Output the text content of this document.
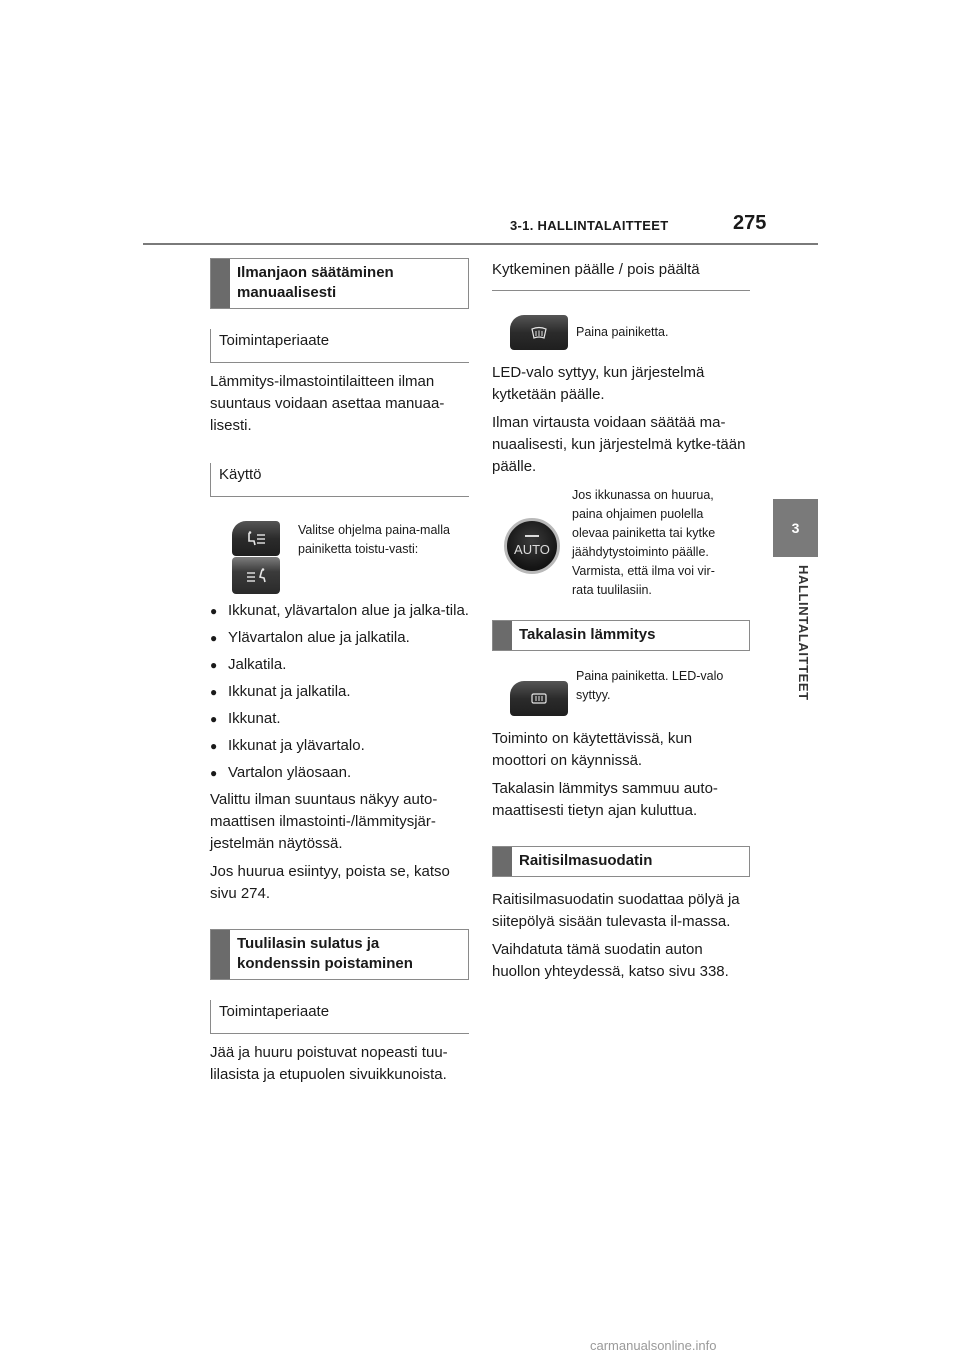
3-1. HALLINTALAITTEET	275
3
HALLINTALAITTEET
Ilmanjaon säätäminen manuaalisesti
Toimintaperiaate

Lämmitys-ilmastointilaitteen ilman suuntaus voidaan asettaa manuaa-lisesti.

Käyttö
Valitse ohjelma paina-malla painiketta toistu-vasti:
● Ikkunat, ylävartalon alue ja jalka-tila.
● Ylävartalon alue ja jalkatila.
● Jalkatila.
● Ikkunat ja jalkatila.
● Ikkunat.
● Ikkunat ja ylävartalo.
● Vartalon yläosaan.

Valittu ilman suuntaus näkyy auto-maattisen ilmastointi-/lämmitysjär-jestelmän näytössä.

Jos huurua esiintyy, poista se, katso sivu 274.

Tuulilasin sulatus ja kondenssin poistaminen
Toimintaperiaate

Jää ja huuru poistuvat nopeasti tuu-lilasista ja etupuolen sivuikkunoista.

Kytkeminen päälle / pois päältä
Paina painiketta.

LED-valo syttyy, kun järjestelmä kytketään päälle.

Ilman virtausta voidaan säätää ma-nuaalisesti, kun järjestelmä kytke-tään päälle.

AUTO
Jos ikkunassa on huurua, paina ohjaimen puolella olevaa painiketta tai kytke jäähdytystoiminto päälle. Varmista, että ilma voi vir-rata tuulilasiin.
Takalasin lämmitys
Paina painiketta. LED-valo syttyy.

Toiminto on käytettävissä, kun moottori on käynnissä.

Takalasin lämmitys sammuu auto-maattisesti tietyn ajan kuluttua.

Raitisilmasuodatin

Raitisilmasuodatin suodattaa pölyä ja siitepölyä sisään tulevasta il-massa.

Vaihdatuta tämä suodatin auton huollon yhteydessä, katso sivu 338.

carmanualsonline.info
